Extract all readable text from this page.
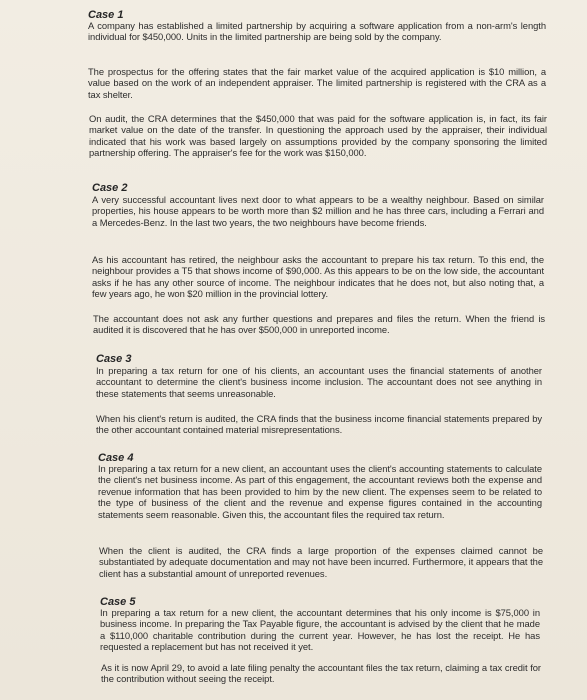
Case 1
A company has established a limited partnership by acquiring a software application from a non-arm's length individual for $450,000. Units in the limited partnership are being sold by the company.
The prospectus for the offering states that the fair market value of the acquired application is $10 million, a value based on the work of an independent appraiser. The limited partnership is registered with the CRA as a tax shelter.
On audit, the CRA determines that the $450,000 that was paid for the software application is, in fact, its fair market value on the date of the transfer. In questioning the approach used by the appraiser, their individual indicated that his work was based largely on assumptions provided by the company sponsoring the limited partnership offering. The appraiser's fee for the work was $150,000.
Case 2
A very successful accountant lives next door to what appears to be a wealthy neighbour. Based on similar properties, his house appears to be worth more than $2 million and he has three cars, including a Ferrari and a Mercedes-Benz. In the last two years, the two neighbours have become friends.
As his accountant has retired, the neighbour asks the accountant to prepare his tax return. To this end, the neighbour provides a T5 that shows income of $90,000. As this appears to be on the low side, the accountant asks if he has any other source of income. The neighbour indicates that he does not, but also noting that, a few years ago, he won $20 million in the provincial lottery.
The accountant does not ask any further questions and prepares and files the return. When the friend is audited it is discovered that he has over $500,000 in unreported income.
Case 3
In preparing a tax return for one of his clients, an accountant uses the financial statements of another accountant to determine the client's business income inclusion. The accountant does not see anything in these statements that seems unreasonable.
When his client's return is audited, the CRA finds that the business income financial statements prepared by the other accountant contained material misrepresentations.
Case 4
In preparing a tax return for a new client, an accountant uses the client's accounting statements to calculate the client's net business income. As part of this engagement, the accountant reviews both the expense and revenue information that has been provided to him by the new client. The expenses seem to be related to the type of business of the client and the revenue and expense figures contained in the accounting statements seem reasonable. Given this, the accountant files the required tax return.
When the client is audited, the CRA finds a large proportion of the expenses claimed cannot be substantiated by adequate documentation and may not have been incurred. Furthermore, it appears that the client has a substantial amount of unreported revenues.
Case 5
In preparing a tax return for a new client, the accountant determines that his only income is $75,000 in business income. In preparing the Tax Payable figure, the accountant is advised by the client that he made a $110,000 charitable contribution during the current year. However, he has lost the receipt. He has requested a replacement but has not received it yet.
As it is now April 29, to avoid a late filing penalty the accountant files the tax return, claiming a tax credit for the contribution without seeing the receipt.
